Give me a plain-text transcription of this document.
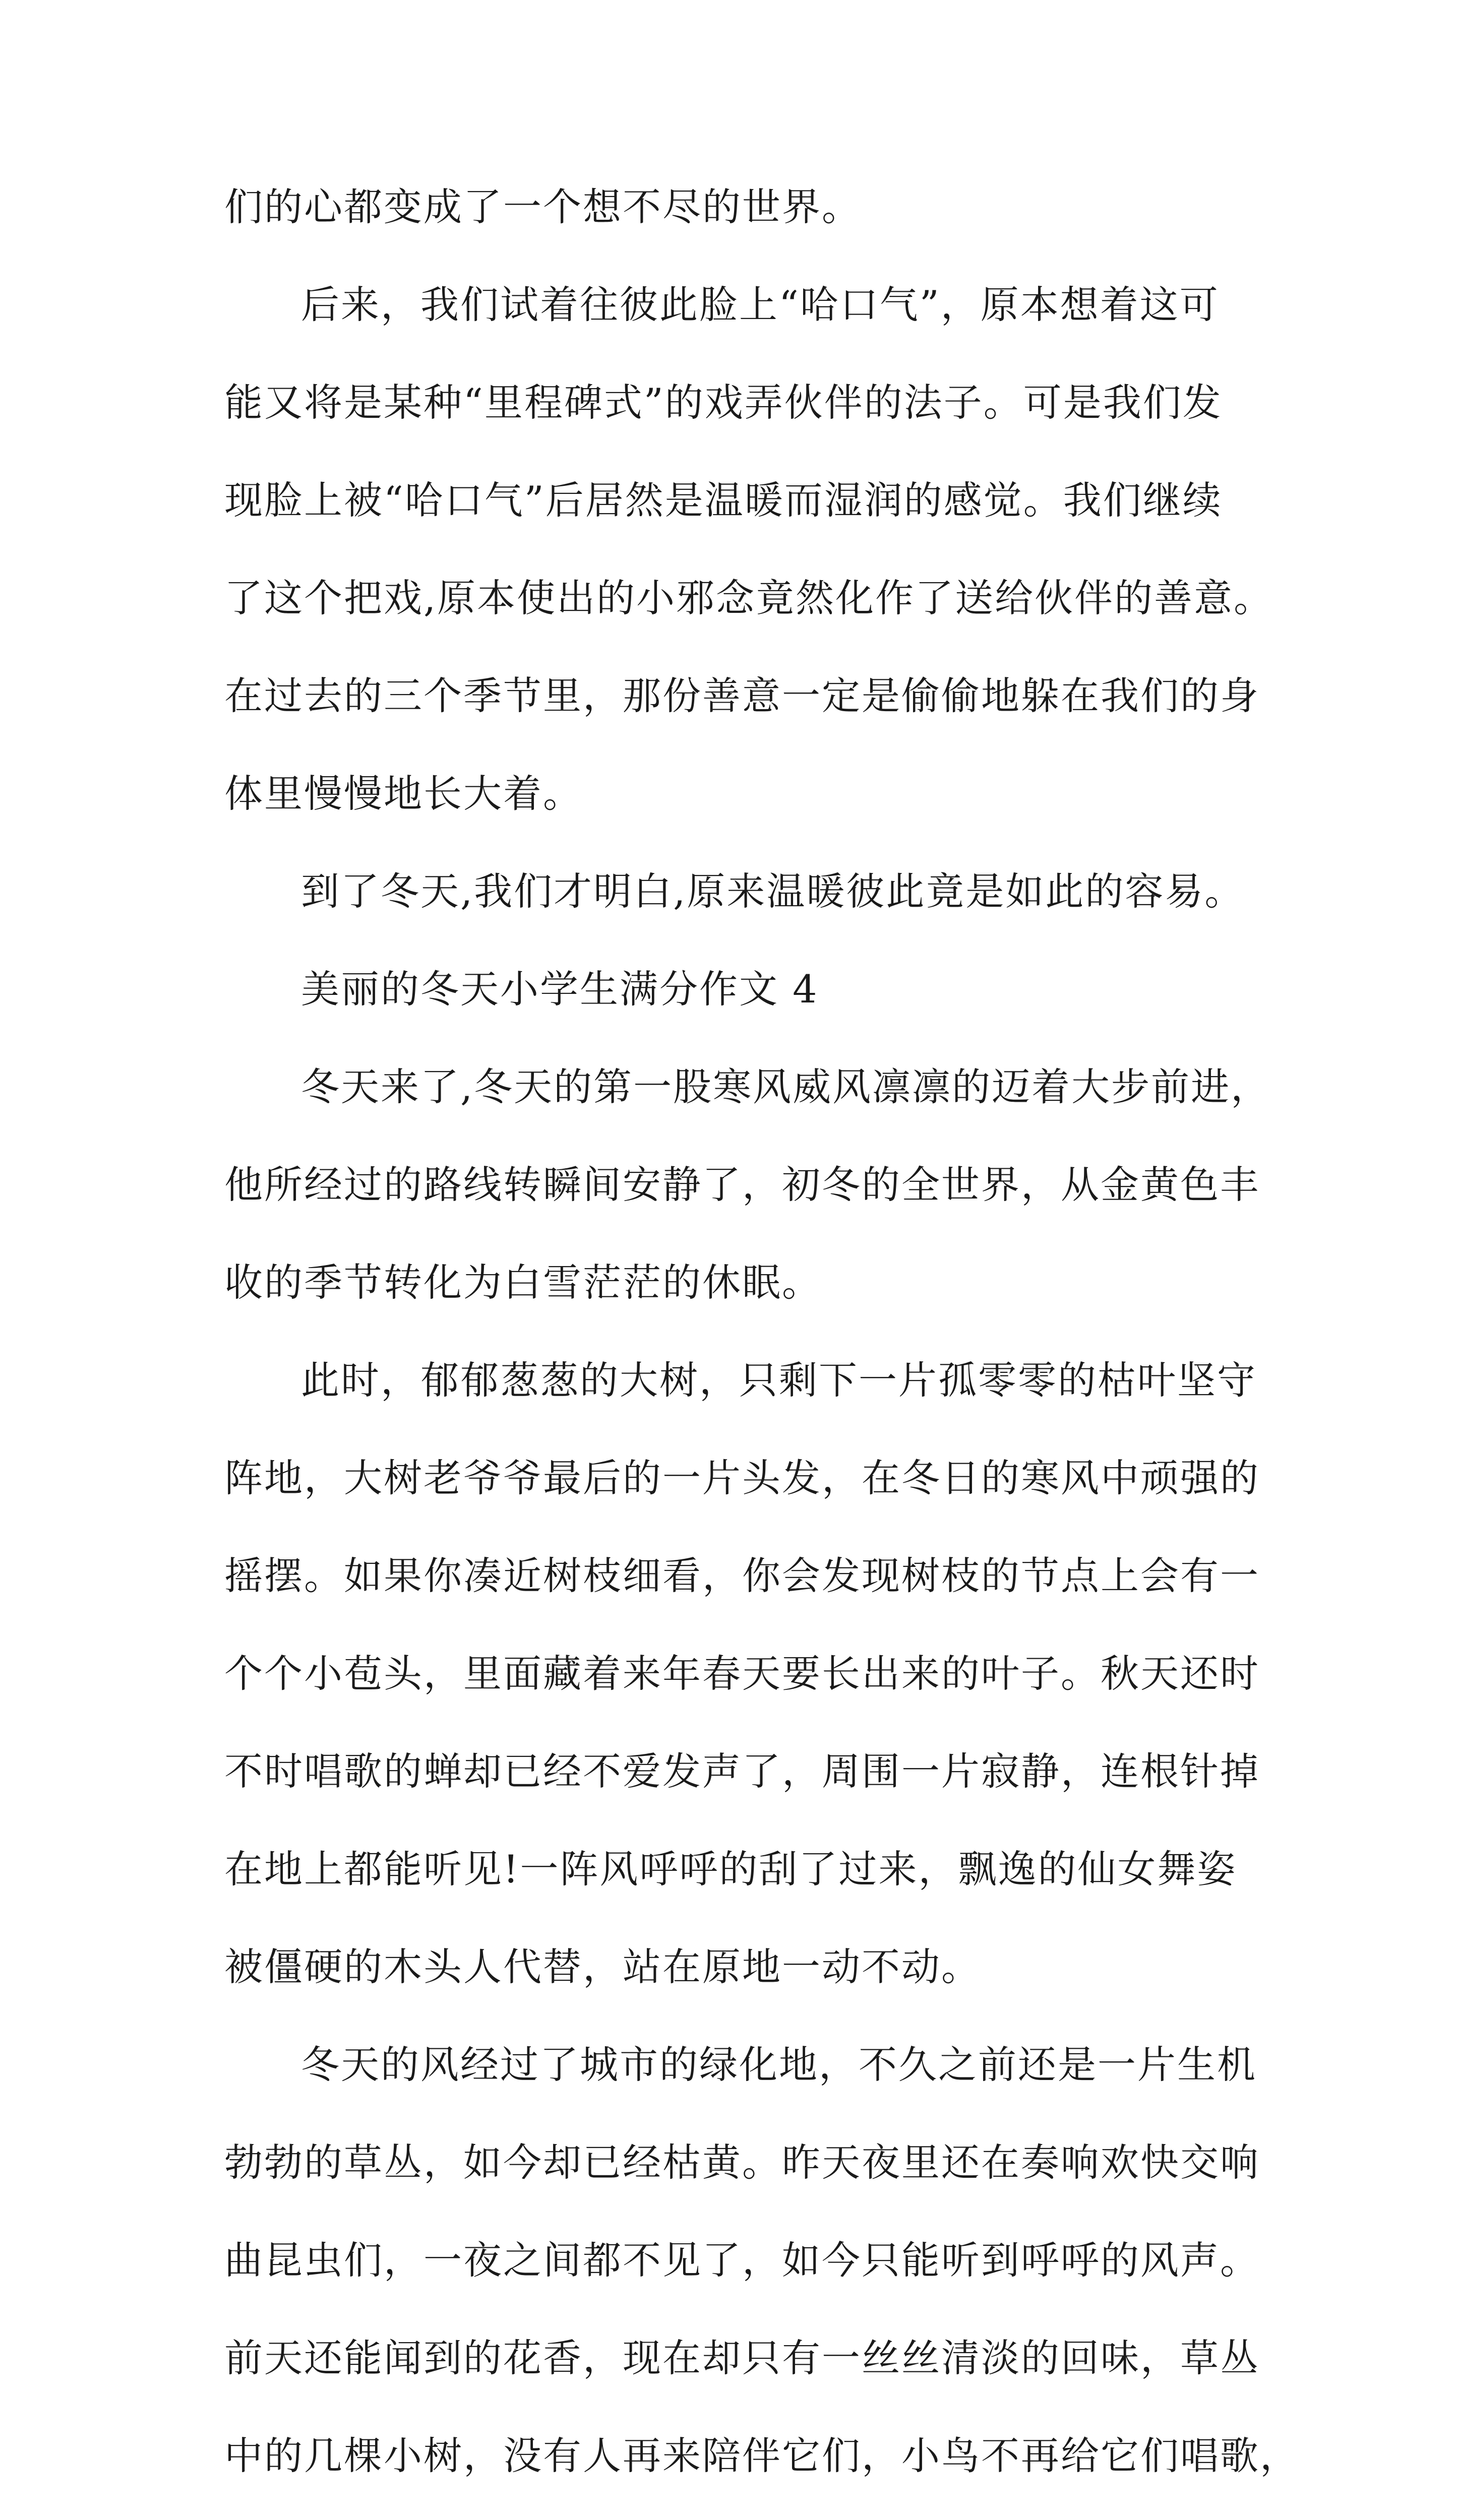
们的心都变成了一个想不尽的世界。
后来，我们试着往彼此脸上“哈口气”，原本想着这可
能又将是某种“里程碑式”的戏弄伙伴的法子。可是我们发
现脸上被“哈口气”后居然是温暖而湿润的感觉。我们继续
了这个把戏,原本使出的小邪念竟然化作了送给伙伴的善意。
在过去的三个季节里，那份善意一定是偷偷地躲在我们的身
体里慢慢地长大着。
到了冬天,我们才明白,原来温暖彼此竟是如此的容易。
美丽的冬天小学生满分作文 4
冬天来了,冬天的第一股寒风威风凛凛的迈着大步前进，
他所经过的路线转瞬间安静了，初冬的全世界，从金黄色丰
收的季节转化为白雪茫茫的休眠。
此时，郁郁葱葱的大树，只剩下一片孤零零的枯叶坚守
阵地，大树老爷爷最后的一片头发，在冬日的寒风中顽强的
摇摆。如果你凑近树枝细看，你会发现树枝的节点上会有一
个个小苞头，里面藏着来年春天要长出来的叶子。秋天还时
不时唱歌的蝉却已经不爱发声了，周围一片寂静，连根针掉
在地上都能听见!一阵风呼呼的刮了过来，飘逸的仙女舞姿
被僵硬的木头人代替，站在原地一动不动。
冬天的风经过了城市的绿化地，不久之前还是一片生机
勃勃的草丛，如今却已经枯黄。昨天夜里还在奏响欢快交响
曲昆虫们，一夜之间都不见了，如今只能听到呼呼的风声。
前天还能闻到的花香，现在却只有一丝丝清淡的回味，草丛
中的几棵小树，没有人再来陪伴它们，小鸟不再给它们唱歌，
